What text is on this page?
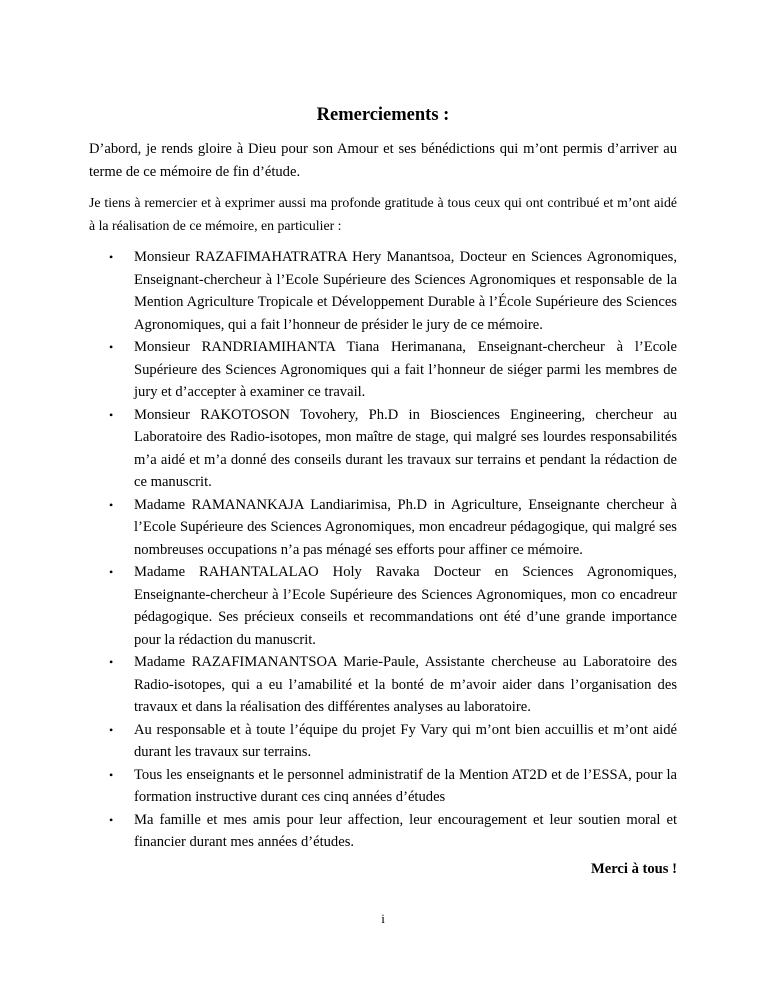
Remerciements :

D’abord, je rends gloire à Dieu pour son Amour et ses bénédictions qui m’ont permis d’arriver au terme de ce mémoire de fin d’étude.

Je tiens à remercier et à exprimer aussi ma profonde gratitude à tous ceux qui ont contribué et m’ont aidé à la réalisation de ce mémoire, en particulier :

• Monsieur RAZAFIMAHATRATRA Hery Manantsoa, Docteur en Sciences Agronomiques, Enseignant-chercheur à l’Ecole Supérieure des Sciences Agronomiques et responsable de la Mention Agriculture Tropicale et Développement Durable à l’École Supérieure des Sciences Agronomiques, qui a fait l’honneur de présider le jury de ce mémoire.
• Monsieur RANDRIAMIHANTA Tiana Herimanana, Enseignant-chercheur à l’Ecole Supérieure des Sciences Agronomiques qui a fait l’honneur de siéger parmi les membres de jury et d’accepter à examiner ce travail.
• Monsieur RAKOTOSON Tovohery, Ph.D in Biosciences Engineering, chercheur au Laboratoire des Radio-isotopes, mon maître de stage, qui malgré ses lourdes responsabilités m’a aidé et m’a donné des conseils durant les travaux sur terrains et pendant la rédaction de ce manuscrit.
• Madame RAMANANKAJA Landiarimisa, Ph.D in Agriculture, Enseignante chercheur à l’Ecole Supérieure des Sciences Agronomiques, mon encadreur pédagogique, qui malgré ses nombreuses occupations n’a pas ménagé ses efforts pour affiner ce mémoire.
• Madame RAHANTALALAO Holy Ravaka Docteur en Sciences Agronomiques, Enseignante-chercheur à l’Ecole Supérieure des Sciences Agronomiques, mon co encadreur pédagogique. Ses précieux conseils et recommandations ont été d’une grande importance pour la rédaction du manuscrit.
• Madame RAZAFIMANANTSOA Marie-Paule, Assistante chercheuse au Laboratoire des Radio-isotopes, qui a eu l’amabilité et la bonté de m’avoir aider dans l’organisation des travaux et dans la réalisation des différentes analyses au laboratoire.
• Au responsable et à toute l’équipe du projet Fy Vary qui m’ont bien accuillis et m’ont aidé durant les travaux sur terrains.
• Tous les enseignants et le personnel administratif de la Mention AT2D et de l’ESSA, pour la formation instructive durant ces cinq années d’études
• Ma famille et mes amis pour leur affection, leur encouragement et leur soutien moral et financier durant mes années d’études.

Merci à tous !

i
